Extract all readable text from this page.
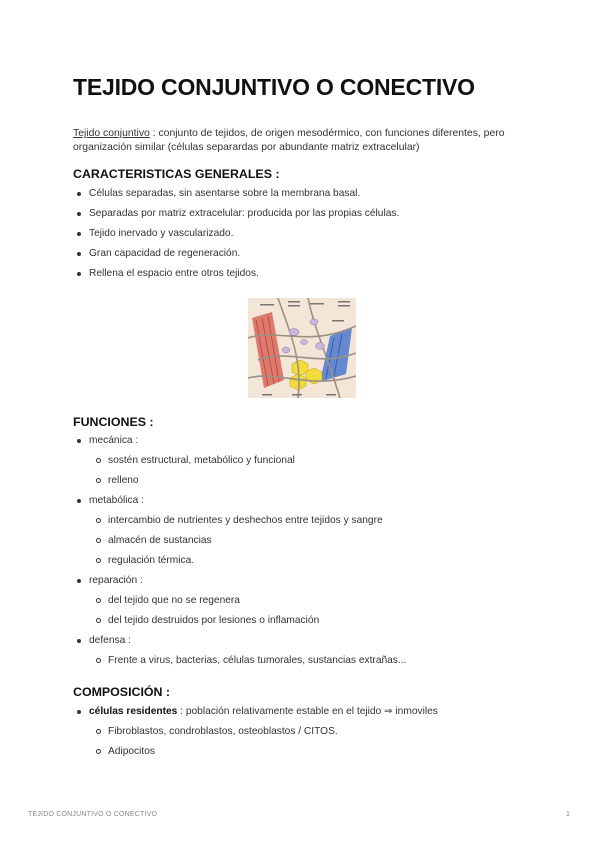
TEJIDO CONJUNTIVO O CONECTIVO

Tejido conjuntivo : conjunto de tejidos, de origen mesodérmico, con funciones diferentes, pero organización similar (células separardas por abundante matriz extracelular)

CARACTERISTICAS GENERALES :
Células separadas, sin asentarse sobre la membrana basal.
Separadas por matriz extracelular: producida por las propias células.
Tejido inervado y vascularizado.
Gran capacidad de regeneración.
Rellena el espacio entre otros tejidos.
FUNCIONES :
mecánica :
sostén estructural, metabólico y funcional
relleno
metabólica :
intercambio de nutrientes y deshechos entre tejidos y sangre
almacén de sustancias
regulación térmica.
reparación :
del tejido que no se regenera
del tejido destruidos por lesiones o inflamación
defensa :
Frente a virus, bacterias, células tumorales, sustancias extrañas...
COMPOSICIÓN :
células residentes : población relativamente estable en el tejido ⇒ inmoviles
Fibroblastos, condroblastos, osteoblastos / CITOS.
Adipocitos
TEJIDO CONJUNTIVO O CONECTIVO	1
